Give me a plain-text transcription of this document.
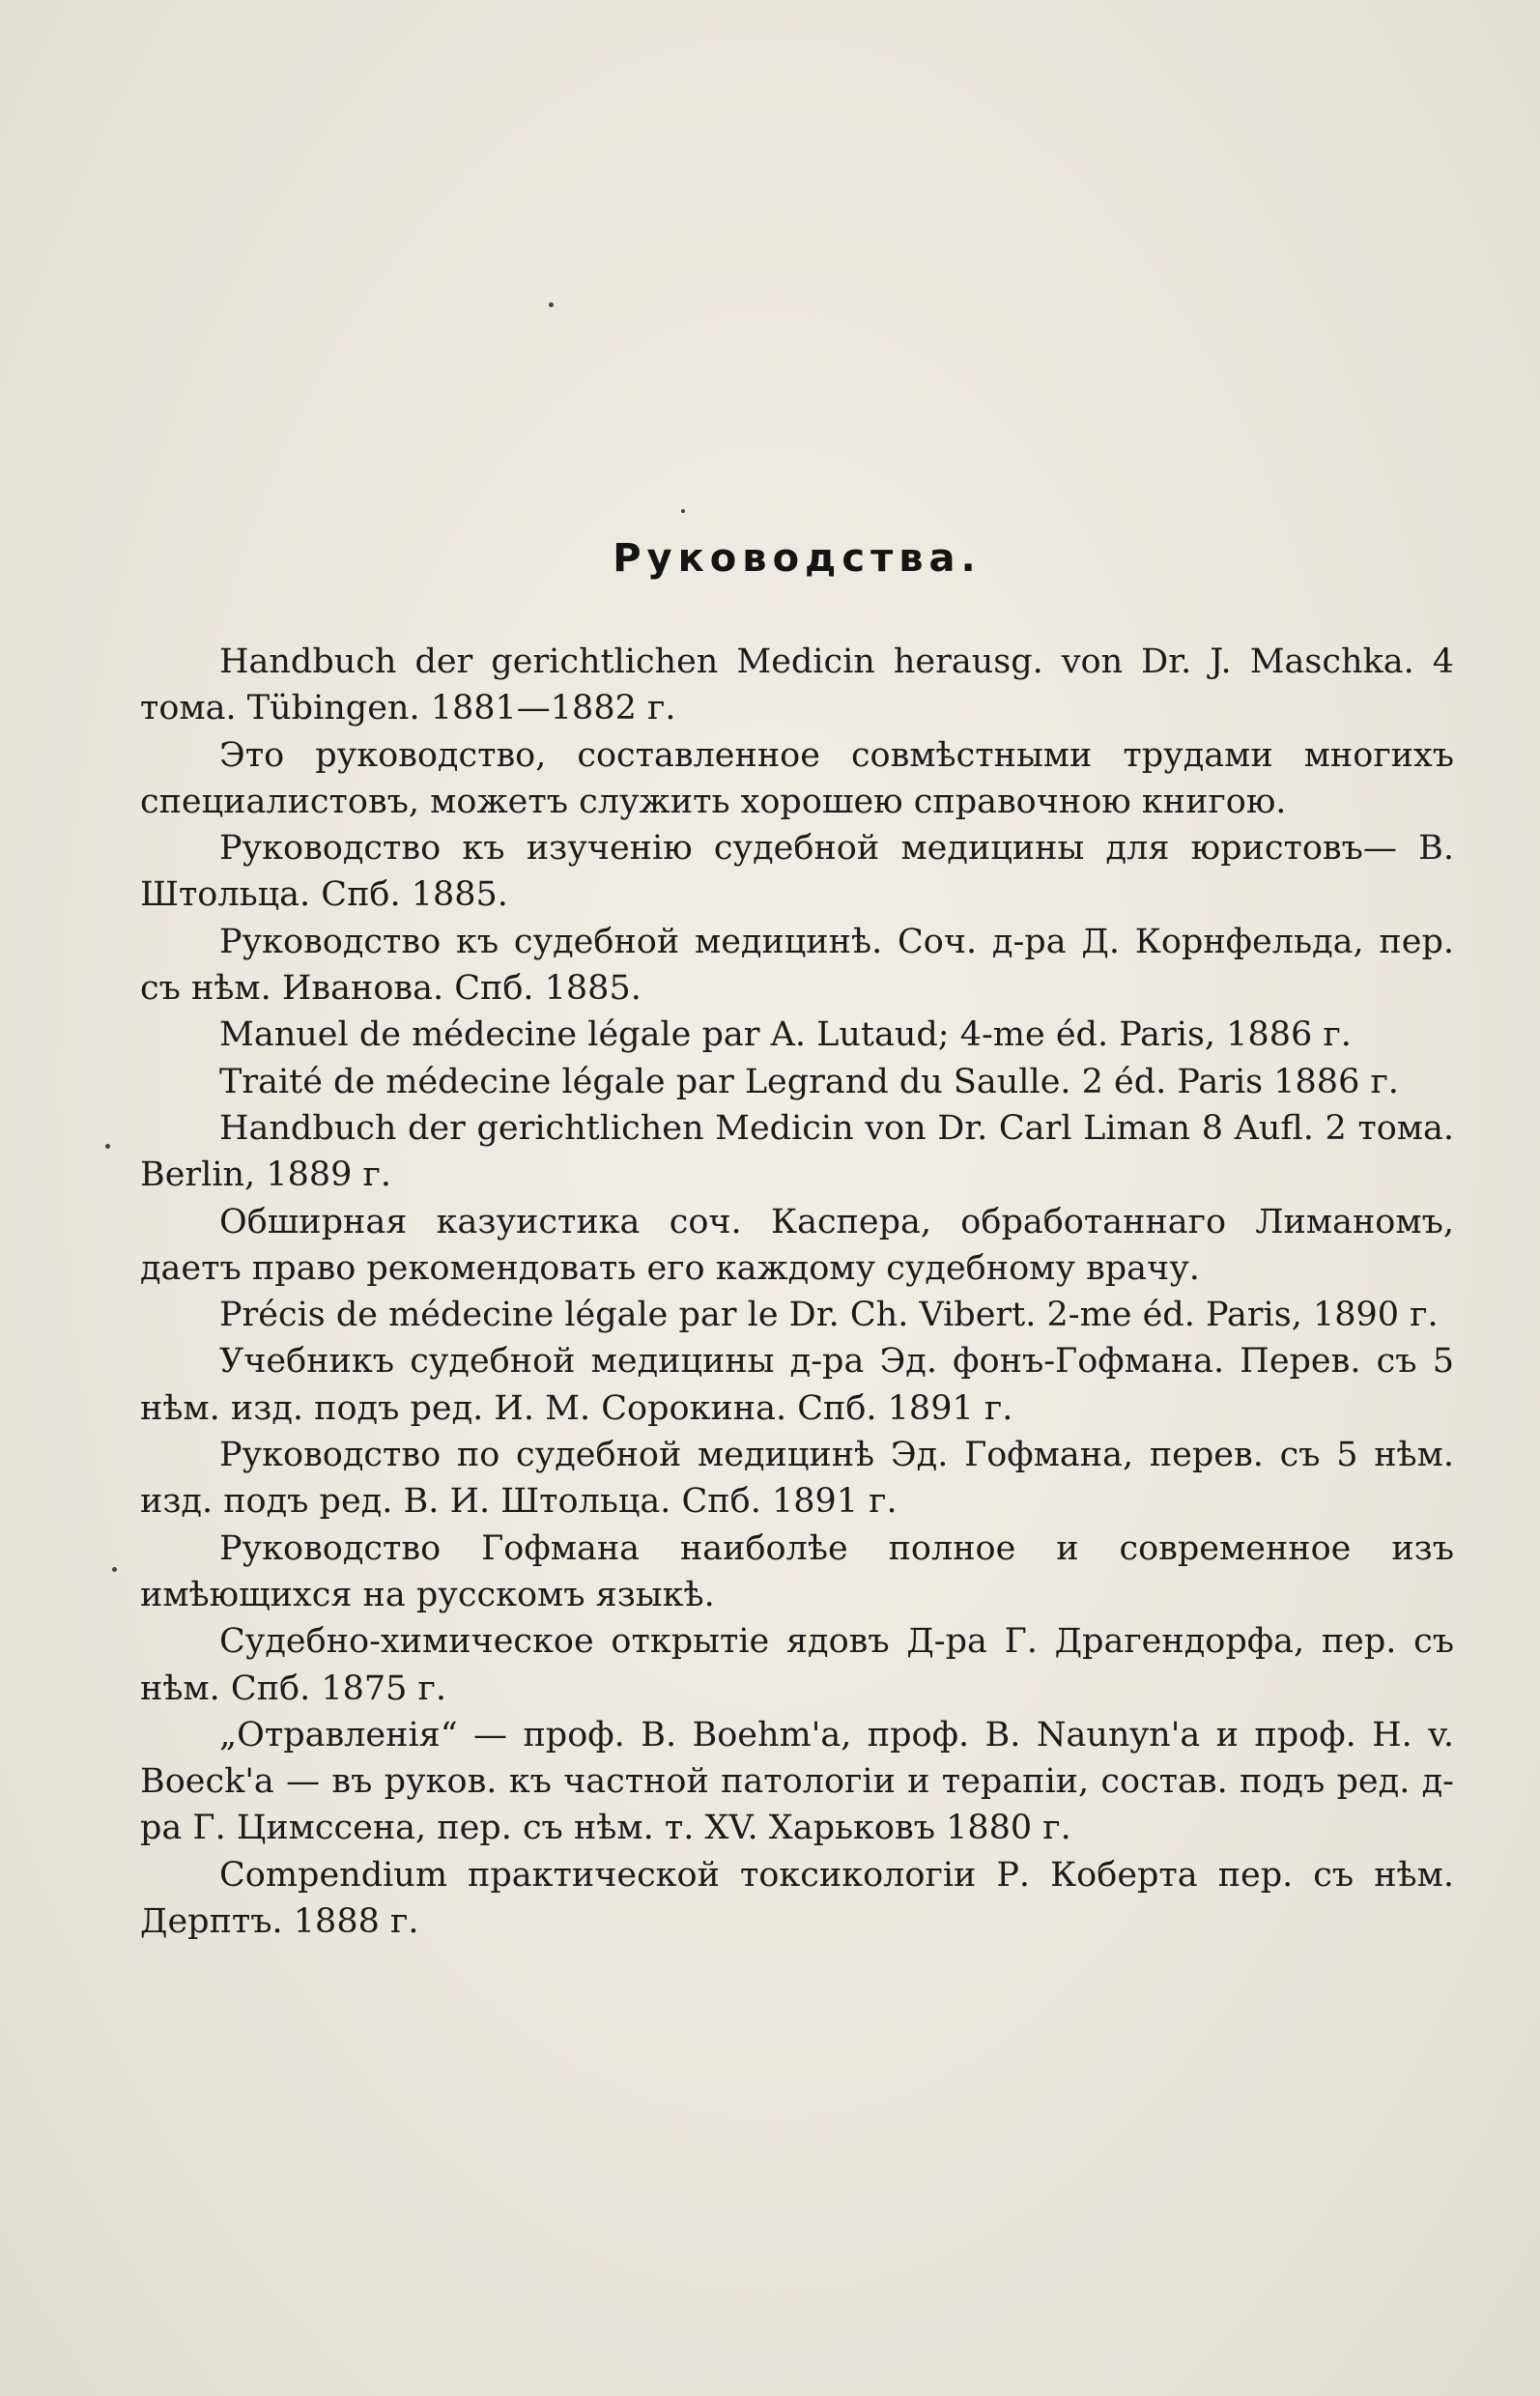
Руководства.

Handbuch der gerichtlichen Medicin herausg. von Dr. J. Maschka. 4 тома. Tübingen. 1881—1882 г.

Это руководство, составленное совмѣстными трудами многихъ специалистовъ, можетъ служить хорошею справочною книгою.

Руководство къ изученію судебной медицины для юристовъ— В. Штольца. Спб. 1885.

Руководство къ судебной медицинѣ. Соч. д-ра Д. Корнфельда, пер. съ нѣм. Иванова. Спб. 1885.

Manuel de médecine légale par A. Lutaud; 4-me éd. Paris, 1886 г.

Traité de médecine légale par Legrand du Saulle. 2 éd. Paris 1886 г.

Handbuch der gerichtlichen Medicin von Dr. Carl Liman 8 Aufl. 2 тома. Berlin, 1889 г.

Обширная казуистика соч. Каспера, обработаннаго Лиманомъ, даетъ право рекомендовать его каждому судебному врачу.

Précis de médecine légale par le Dr. Ch. Vibert. 2-me éd. Paris, 1890 г.

Учебникъ судебной медицины д-ра Эд. фонъ-Гофмана. Перев. съ 5 нѣм. изд. подъ ред. И. М. Сорокина. Спб. 1891 г.

Руководство по судебной медицинѣ Эд. Гофмана, перев. съ 5 нѣм. изд. подъ ред. В. И. Штольца. Спб. 1891 г.

Руководство Гофмана наиболѣе полное и современное изъ имѣющихся на русскомъ языкѣ.

Судебно-химическое открытіе ядовъ Д-ра Г. Драгендорфа, пер. съ нѣм. Спб. 1875 г.

„Отравленія“ — проф. В. Boehm'а, проф. В. Naunyn'а и проф. Н. v. Boeck'а — въ руков. къ частной патологіи и терапіи, состав. подъ ред. д-ра Г. Цимссена, пер. съ нѣм. т. XV. Харьковъ 1880 г.

Compendium практической токсикологіи Р. Коберта пер. съ нѣм. Дерптъ. 1888 г.
